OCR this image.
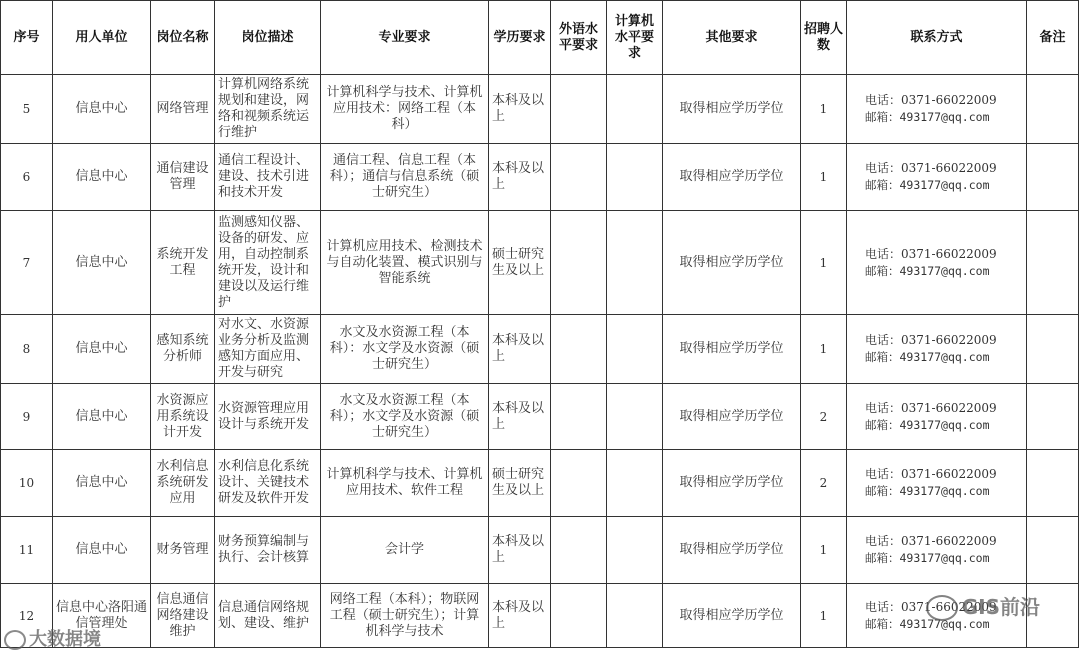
序号	用人单位	岗位名称	岗位描述	专业要求	学历要求	外语水平要求	计算机水平要求	其他要求	招聘人数	联系方式	备注
5	信息中心	网络管理	计算机网络系统规划和建设，网络和视频系统运行维护	计算机科学与技术、计算机应用技术：网络工程（本科）	本科及以上			取得相应学历学位	1	电话：0371-66022009
邮箱：493177@qq.com	

6	信息中心	通信建设管理	通信工程设计、建设、技术引进和技术开发	通信工程、信息工程（本科）；通信与信息系统（硕士研究生）	本科及以上			取得相应学历学位	1	电话：0371-66022009
邮箱：493177@qq.com	

7	信息中心	系统开发工程	监测感知仪器、设备的研发、应用，自动控制系统开发，设计和建设以及运行维护	计算机应用技术、检测技术与自动化装置、模式识别与智能系统	硕士研究生及以上			取得相应学历学位	1	电话：0371-66022009
邮箱：493177@qq.com	

8	信息中心	感知系统分析师	对水文、水资源业务分析及监测感知方面应用、开发与研究	水文及水资源工程（本科）：水文学及水资源（硕士研究生）	本科及以上			取得相应学历学位	1	电话：0371-66022009
邮箱：493177@qq.com	

9	信息中心	水资源应用系统设计开发	水资源管理应用设计与系统开发	水文及水资源工程（本科）；水文学及水资源（硕士研究生）	本科及以上			取得相应学历学位	2	电话：0371-66022009
邮箱：493177@qq.com	

10	信息中心	水利信息系统研发应用	水利信息化系统设计、关键技术研发及软件开发	计算机科学与技术、计算机应用技术、软件工程	硕士研究生及以上			取得相应学历学位	2	电话：0371-66022009
邮箱：493177@qq.com	

11	信息中心	财务管理	财务预算编制与执行、会计核算	会计学	本科及以上			取得相应学历学位	1	电话：0371-66022009
邮箱：493177@qq.com	

12	信息中心洛阳通信管理处	信息通信网络建设维护	信息通信网络规划、建设、维护	网络工程（本科）；物联网工程（硕士研究生）；计算机科学与技术	本科及以上			取得相应学历学位	1	电话：0371-66022009
邮箱：493177@qq.com	

大数据境
GIS前沿
